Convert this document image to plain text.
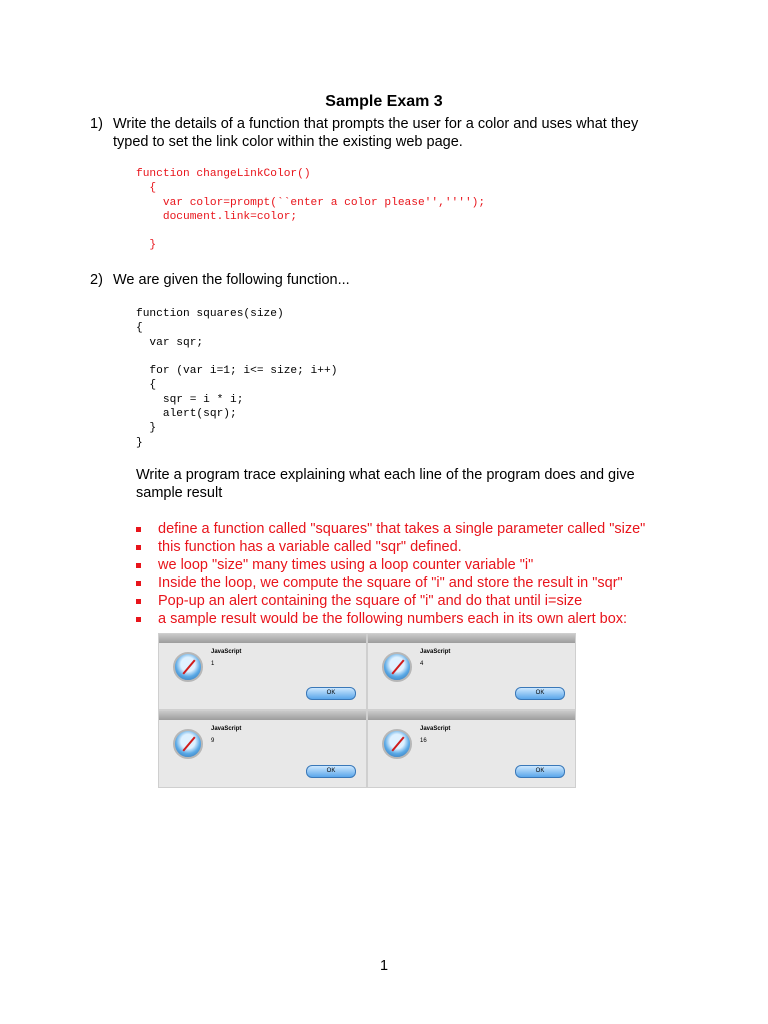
Sample Exam 3
1) Write the details of a function that prompts the user for a color and uses what they
typed to set the link color within the existing web page.
function changeLinkColor()
{
var color=prompt(``enter a color please'','''');
document.link=color;

}
2) We are given the following function...
function squares(size)
{
var sqr;

for (var i=1; i<= size; i++)
{
sqr = i * i;
alert(sqr);
}
}
Write a program trace explaining what each line of the program does and give
sample result
define a function called "squares" that takes a single parameter called "size"
this function has a variable called "sqr" defined.
we loop "size" many times using a loop counter variable "i"
Inside the loop, we compute the square of "i" and store the result in "sqr"
Pop-up an alert containing the square of "i" and do that until i=size
a sample result would be the following numbers each in its own alert box:
JavaScript
1
OK
JavaScript
4
OK
JavaScript
9
OK
JavaScript
16
OK
1
